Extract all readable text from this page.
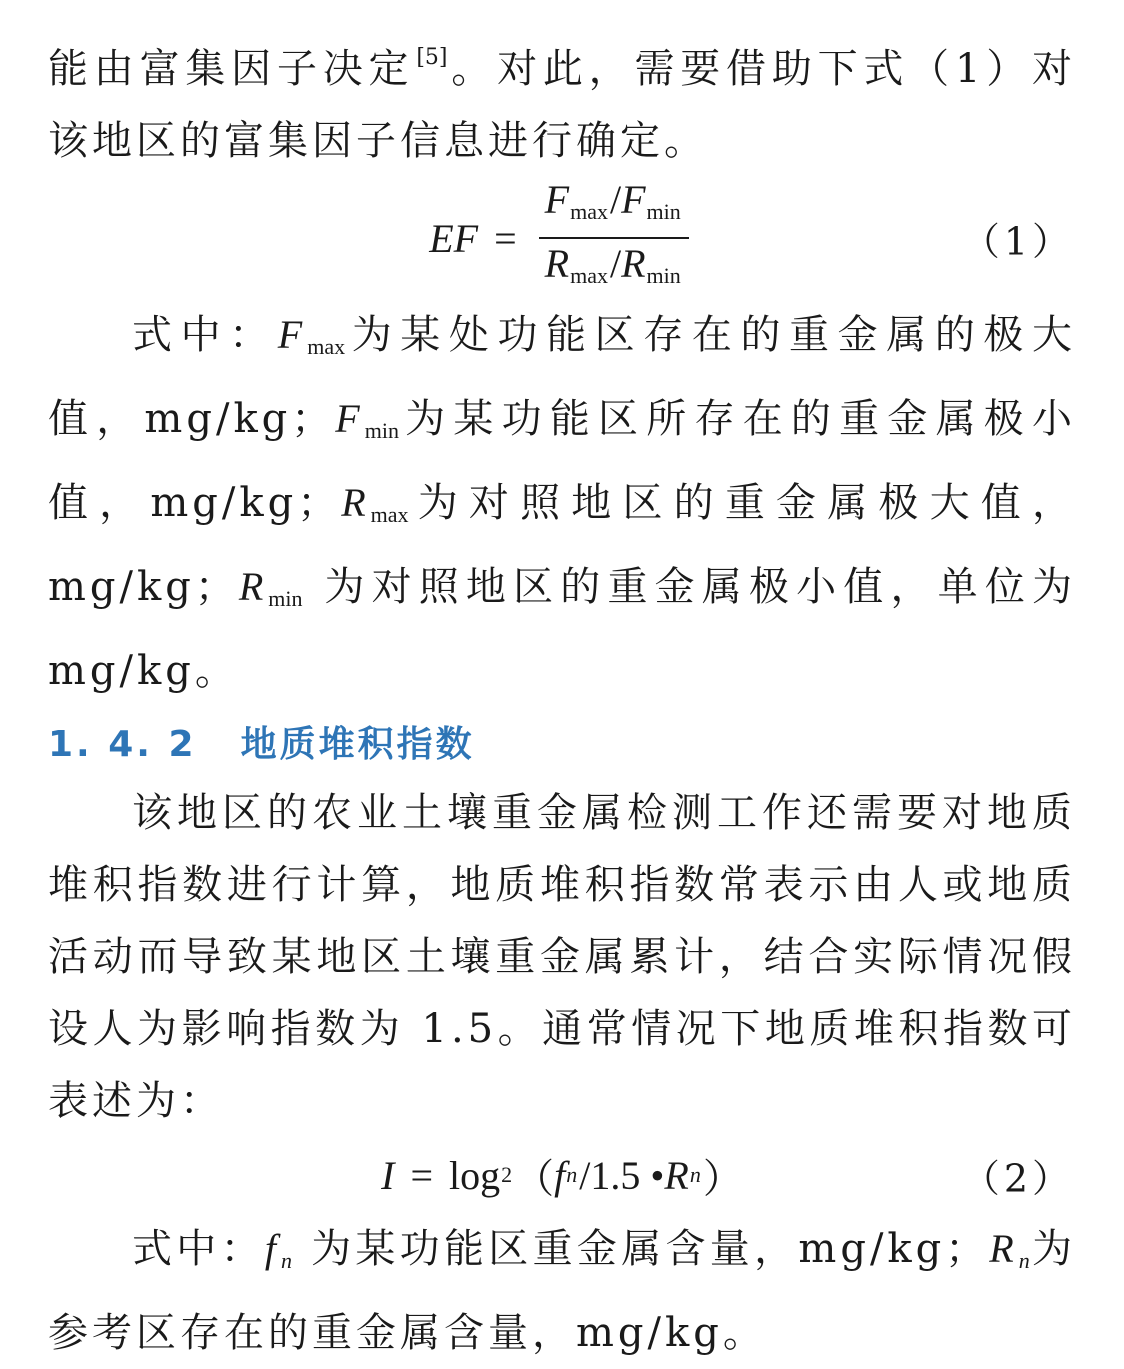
能由富集因子决定[5]。对此，需要借助下式（1）对该地区的富集因子信息进行确定。

EF = $\frac{F_{max}/F_{min}}{R_{max}/R_{min}}$	（1）

式中：$F_{max}$为某处功能区存在的重金属的极大值，mg/kg；$F_{min}$为某功能区所存在的重金属极小值，mg/kg；$R_{max}$为对照地区的重金属极大值，mg/kg；$R_{min}$ 为对照地区的重金属极小值，单位为mg/kg。

1. 4. 2 地质堆积指数

该地区的农业土壤重金属检测工作还需要对地质堆积指数进行计算，地质堆积指数常表示由人或地质活动而导致某地区土壤重金属累计，结合实际情况假设人为影响指数为 1.5。通常情况下地质堆积指数可表述为：

I = log 2 （ f n /1.5 • R n ）	（2）

式中：$f_n$ 为某功能区重金属含量，mg/kg；$R_n$为参考区存在的重金属含量，mg/kg。
